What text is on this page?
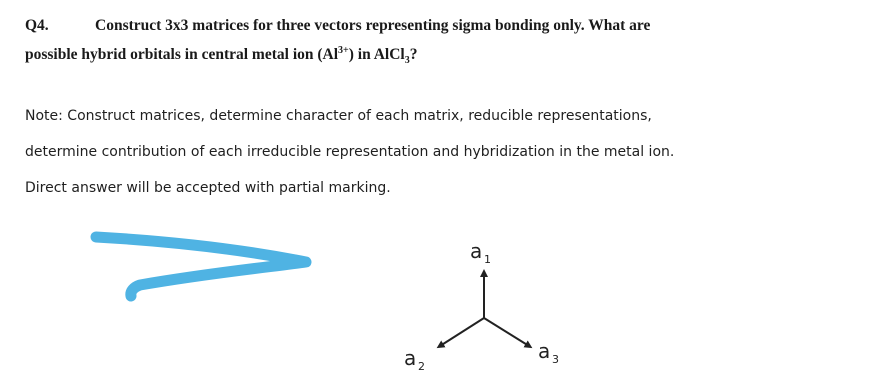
Q4.	Construct 3x3 matrices for three vectors representing sigma bonding only. What are
possible hybrid orbitals in central metal ion $(Al^{3+})$ in AlCl$_3$?
Note: Construct matrices, determine character of each matrix, reducible representations,
determine contribution of each irreducible representation and hybridization in the metal ion.
Direct answer will be accepted with partial marking.
a 1
a 2
a 3
